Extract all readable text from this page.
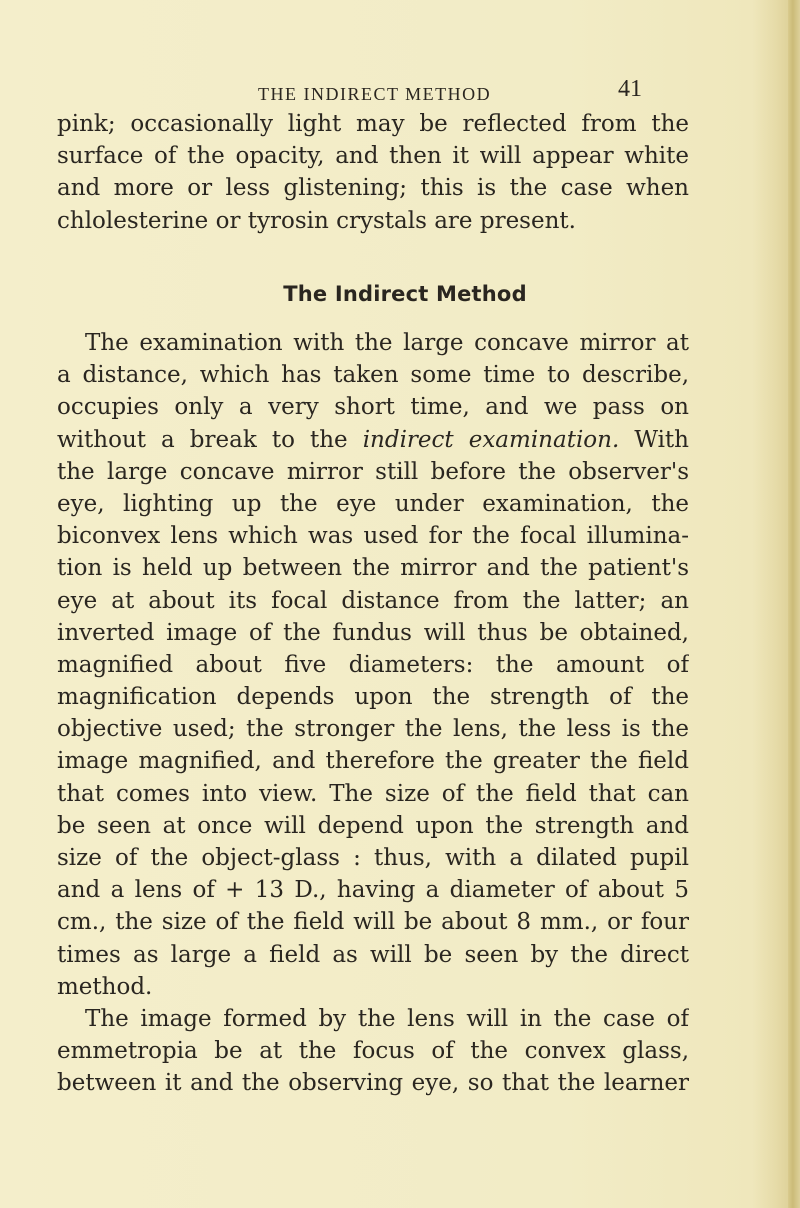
THE INDIRECT METHOD	41
pink; occasionally light may be reflected from the
surface of the opacity, and then it will appear white
and more or less glistening; this is the case when
chlolesterine or tyrosin crystals are present.
The Indirect Method
The examination with the large concave mirror at
a distance, which has taken some time to describe,
occupies only a very short time, and we pass on
without a break to the indirect examination. With
the large concave mirror still before the observer's
eye, lighting up the eye under examination, the
biconvex lens which was used for the focal illumina-
tion is held up between the mirror and the patient's
eye at about its focal distance from the latter; an
inverted image of the fundus will thus be obtained,
magnified about five diameters: the amount of
magnification depends upon the strength of the
objective used; the stronger the lens, the less is the
image magnified, and therefore the greater the field
that comes into view. The size of the field that can
be seen at once will depend upon the strength and
size of the object-glass : thus, with a dilated pupil
and a lens of + 13 D., having a diameter of about 5
cm., the size of the field will be about 8 mm., or four
times as large a field as will be seen by the direct
method.
The image formed by the lens will in the case of
emmetropia be at the focus of the convex glass,
between it and the observing eye, so that the learner
